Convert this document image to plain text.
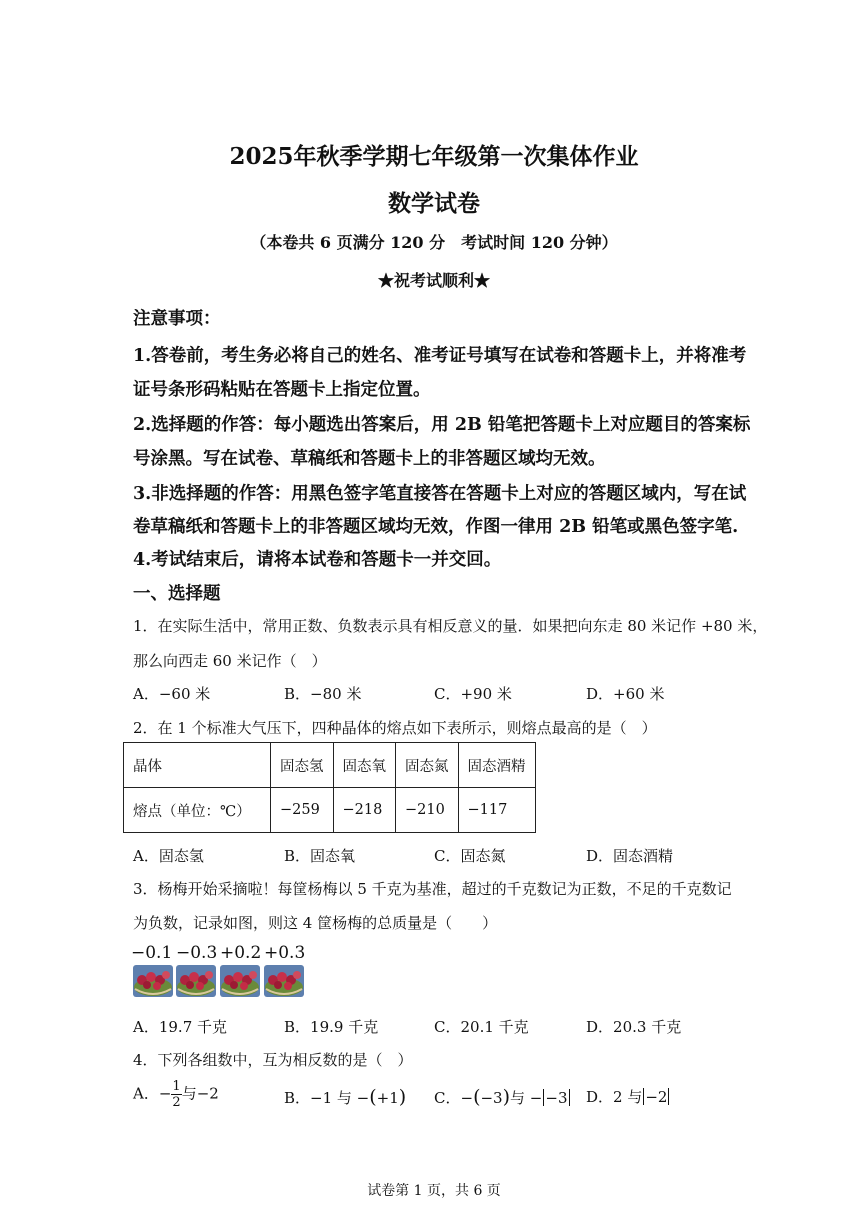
2025年秋季学期七年级第一次集体作业
数学试卷
（本卷共 6 页满分 120 分　考试时间 120 分钟）
★祝考试顺利★
注意事项：
1.答卷前，考生务必将自己的姓名、准考证号填写在试卷和答题卡上，并将准考
证号条形码粘贴在答题卡上指定位置。
2.选择题的作答：每小题选出答案后，用 2B 铅笔把答题卡上对应题目的答案标
号涂黑。写在试卷、草稿纸和答题卡上的非答题区域均无效。
3.非选择题的作答：用黑色签字笔直接答在答题卡上对应的答题区域内，写在试
卷草稿纸和答题卡上的非答题区域均无效，作图一律用 2B 铅笔或黑色签字笔.
4.考试结束后，请将本试卷和答题卡一并交回。
一、选择题
1．在实际生活中，常用正数、负数表示具有相反意义的量．如果把向东走 80 米记作 +80 米，
那么向西走 60 米记作（　）
A．−60 米	B．−80 米	C．+90 米	D．+60 米
2．在 1 个标准大气压下，四种晶体的熔点如下表所示，则熔点最高的是（　）
晶体	固态氢	固态氧	固态氮	固态酒精
熔点（单位：℃）	−259	−218	−210	−117
A．固态氢	B．固态氧	C．固态氮	D．固态酒精
3．杨梅开始采摘啦！每筐杨梅以 5 千克为基准，超过的千克数记为正数，不足的千克数记
为负数，记录如图，则这 4 筐杨梅的总质量是（　　）
−0.1 −0.3 +0.2 +0.3
A．19.7 千克	B．19.9 千克	C．20.1 千克	D．20.3 千克
4．下列各组数中，互为相反数的是（　）
A．− $\frac{1}{2}$ 与−2	B．−1 与 −(+1) C．−(−3)与 − −3 D．2 与 −2
试卷第 1 页，共 6 页
